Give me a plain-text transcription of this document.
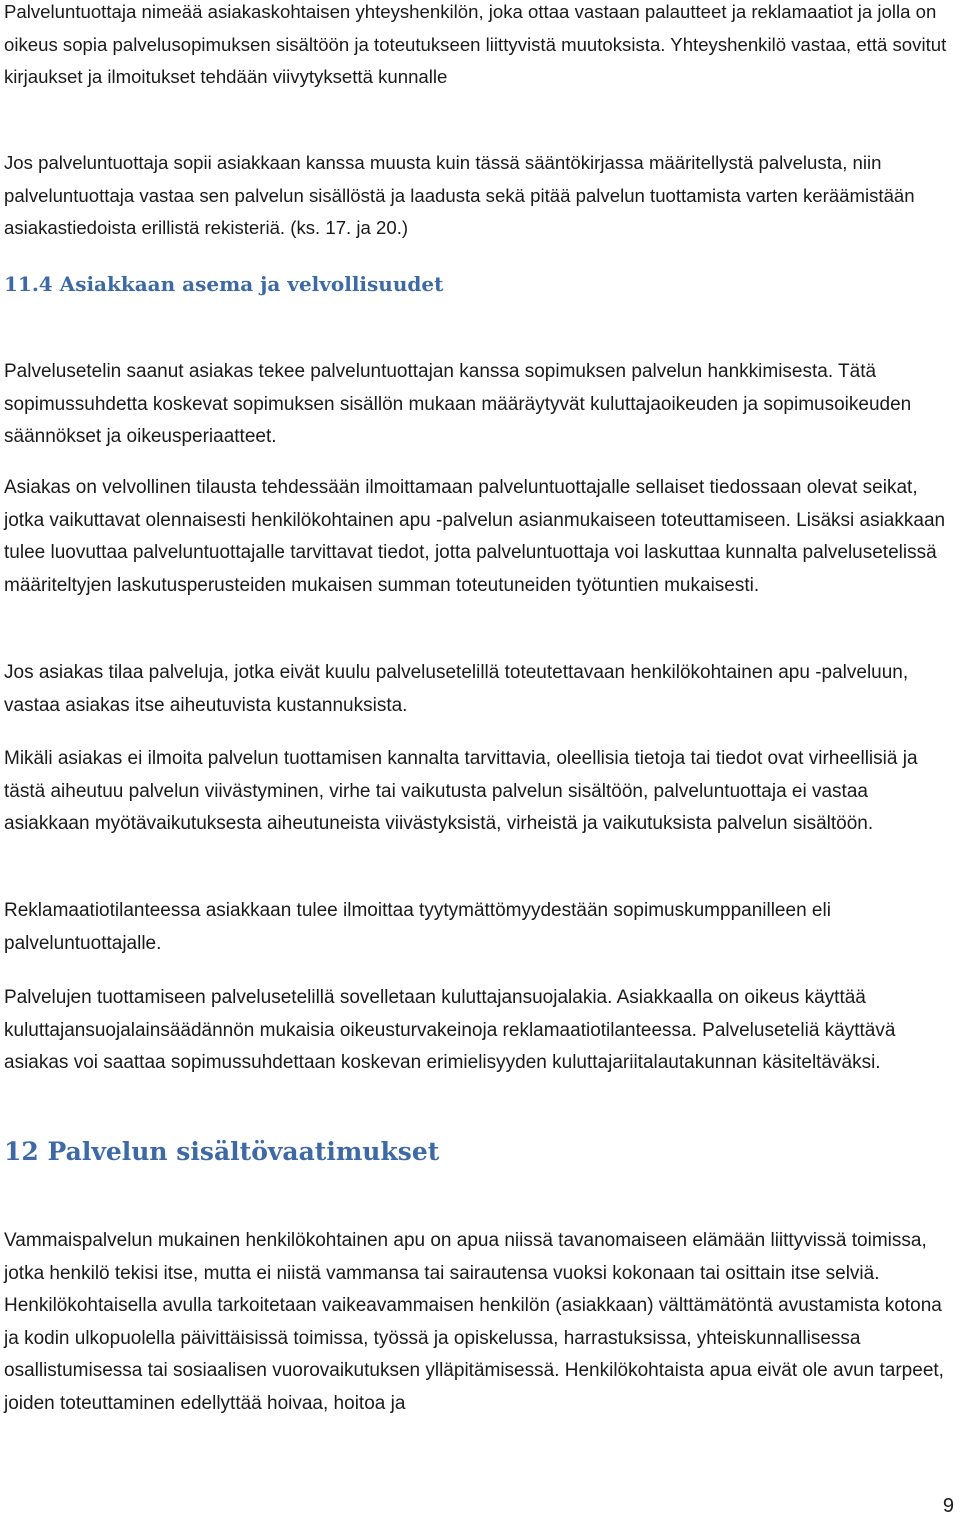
Palveluntuottaja nimeää asiakaskohtaisen yhteyshenkilön, joka ottaa vastaan palautteet ja reklamaatiot ja jolla on oikeus sopia palvelusopimuksen sisältöön ja toteutukseen liittyvistä muutoksista. Yhteyshenkilö vastaa, että sovitut kirjaukset ja ilmoitukset tehdään viivytyksettä kunnalle

Jos palveluntuottaja sopii asiakkaan kanssa muusta kuin tässä sääntökirjassa määritellystä palvelusta, niin palveluntuottaja vastaa sen palvelun sisällöstä ja laadusta sekä pitää palvelun tuottamista varten keräämistään asiakastiedoista erillistä rekisteriä. (ks. 17. ja 20.)

11.4 Asiakkaan asema ja velvollisuudet

Palvelusetelin saanut asiakas tekee palveluntuottajan kanssa sopimuksen palvelun hankkimisesta. Tätä sopimussuhdetta koskevat sopimuksen sisällön mukaan määräytyvät kuluttajaoikeuden ja sopimusoikeuden säännökset ja oikeusperiaatteet.

Asiakas on velvollinen tilausta tehdessään ilmoittamaan palveluntuottajalle sellaiset tiedossaan olevat seikat, jotka vaikuttavat olennaisesti henkilökohtainen apu -palvelun asianmukaiseen toteuttamiseen. Lisäksi asiakkaan tulee luovuttaa palveluntuottajalle tarvittavat tiedot, jotta palveluntuottaja voi laskuttaa kunnalta palvelusetelissä määriteltyjen laskutusperusteiden mukaisen summan toteutuneiden työtuntien mukaisesti.

Jos asiakas tilaa palveluja, jotka eivät kuulu palvelusetelillä toteutettavaan henkilökohtainen apu -palveluun, vastaa asiakas itse aiheutuvista kustannuksista.

Mikäli asiakas ei ilmoita palvelun tuottamisen kannalta tarvittavia, oleellisia tietoja tai tiedot ovat virheellisiä ja tästä aiheutuu palvelun viivästyminen, virhe tai vaikutusta palvelun sisältöön, palveluntuottaja ei vastaa asiakkaan myötävaikutuksesta aiheutuneista viivästyksistä, virheistä ja vaikutuksista palvelun sisältöön.

Reklamaatiotilanteessa asiakkaan tulee ilmoittaa tyytymättömyydestään sopimuskumppanilleen eli palveluntuottajalle.

Palvelujen tuottamiseen palvelusetelillä sovelletaan kuluttajansuojalakia. Asiakkaalla on oikeus käyttää kuluttajansuojalainsäädännön mukaisia oikeusturvakeinoja reklamaatiotilanteessa. Palveluseteliä käyttävä asiakas voi saattaa sopimussuhdettaan koskevan erimielisyyden kuluttajariitalautakunnan käsiteltäväksi.

12 Palvelun sisältövaatimukset

Vammaispalvelun mukainen henkilökohtainen apu on apua niissä tavanomaiseen elämään liittyvissä toimissa, jotka henkilö tekisi itse, mutta ei niistä vammansa tai sairautensa vuoksi kokonaan tai osittain itse selviä. Henkilökohtaisella avulla tarkoitetaan vaikeavammaisen henkilön (asiakkaan) välttämätöntä avustamista kotona ja kodin ulkopuolella päivittäisissä toimissa, työssä ja opiskelussa, harrastuksissa, yhteiskunnallisessa osallistumisessa tai sosiaalisen vuorovaikutuksen ylläpitämisessä. Henkilökohtaista apua eivät ole avun tarpeet, joiden toteuttaminen edellyttää hoivaa, hoitoa ja

9
